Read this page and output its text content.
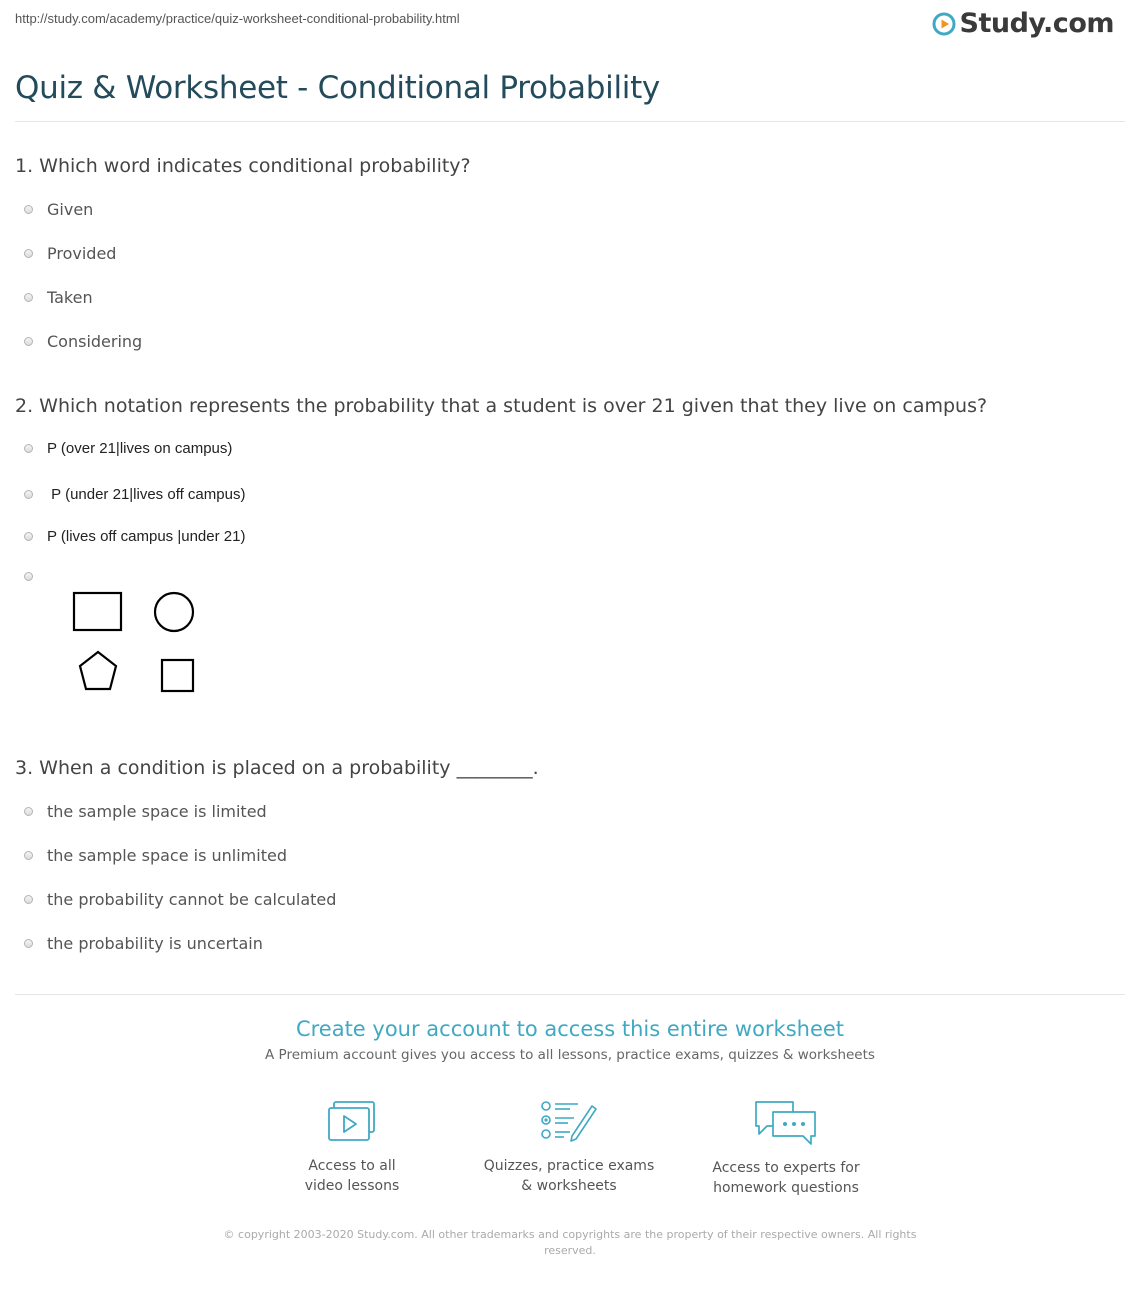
http://study.com/academy/practice/quiz-worksheet-conditional-probability.html	Study.com
Quiz & Worksheet - Conditional Probability
1. Which word indicates conditional probability?
Given
Provided
Taken
Considering
2. Which notation represents the probability that a student is over 21 given that they live on campus?
P (over 21|lives on campus)
P (under 21|lives off campus)
P (lives off campus |under 21)
3. When a condition is placed on a probability ________.
the sample space is limited
the sample space is unlimited
the probability cannot be calculated
the probability is uncertain
Create your account to access this entire worksheet
A Premium account gives you access to all lessons, practice exams, quizzes & worksheets
Access to all
video lessons
Quizzes, practice exams
& worksheets
Access to experts for
homework questions
© copyright 2003-2020 Study.com. All other trademarks and copyrights are the property of their respective owners. All rights reserved.
